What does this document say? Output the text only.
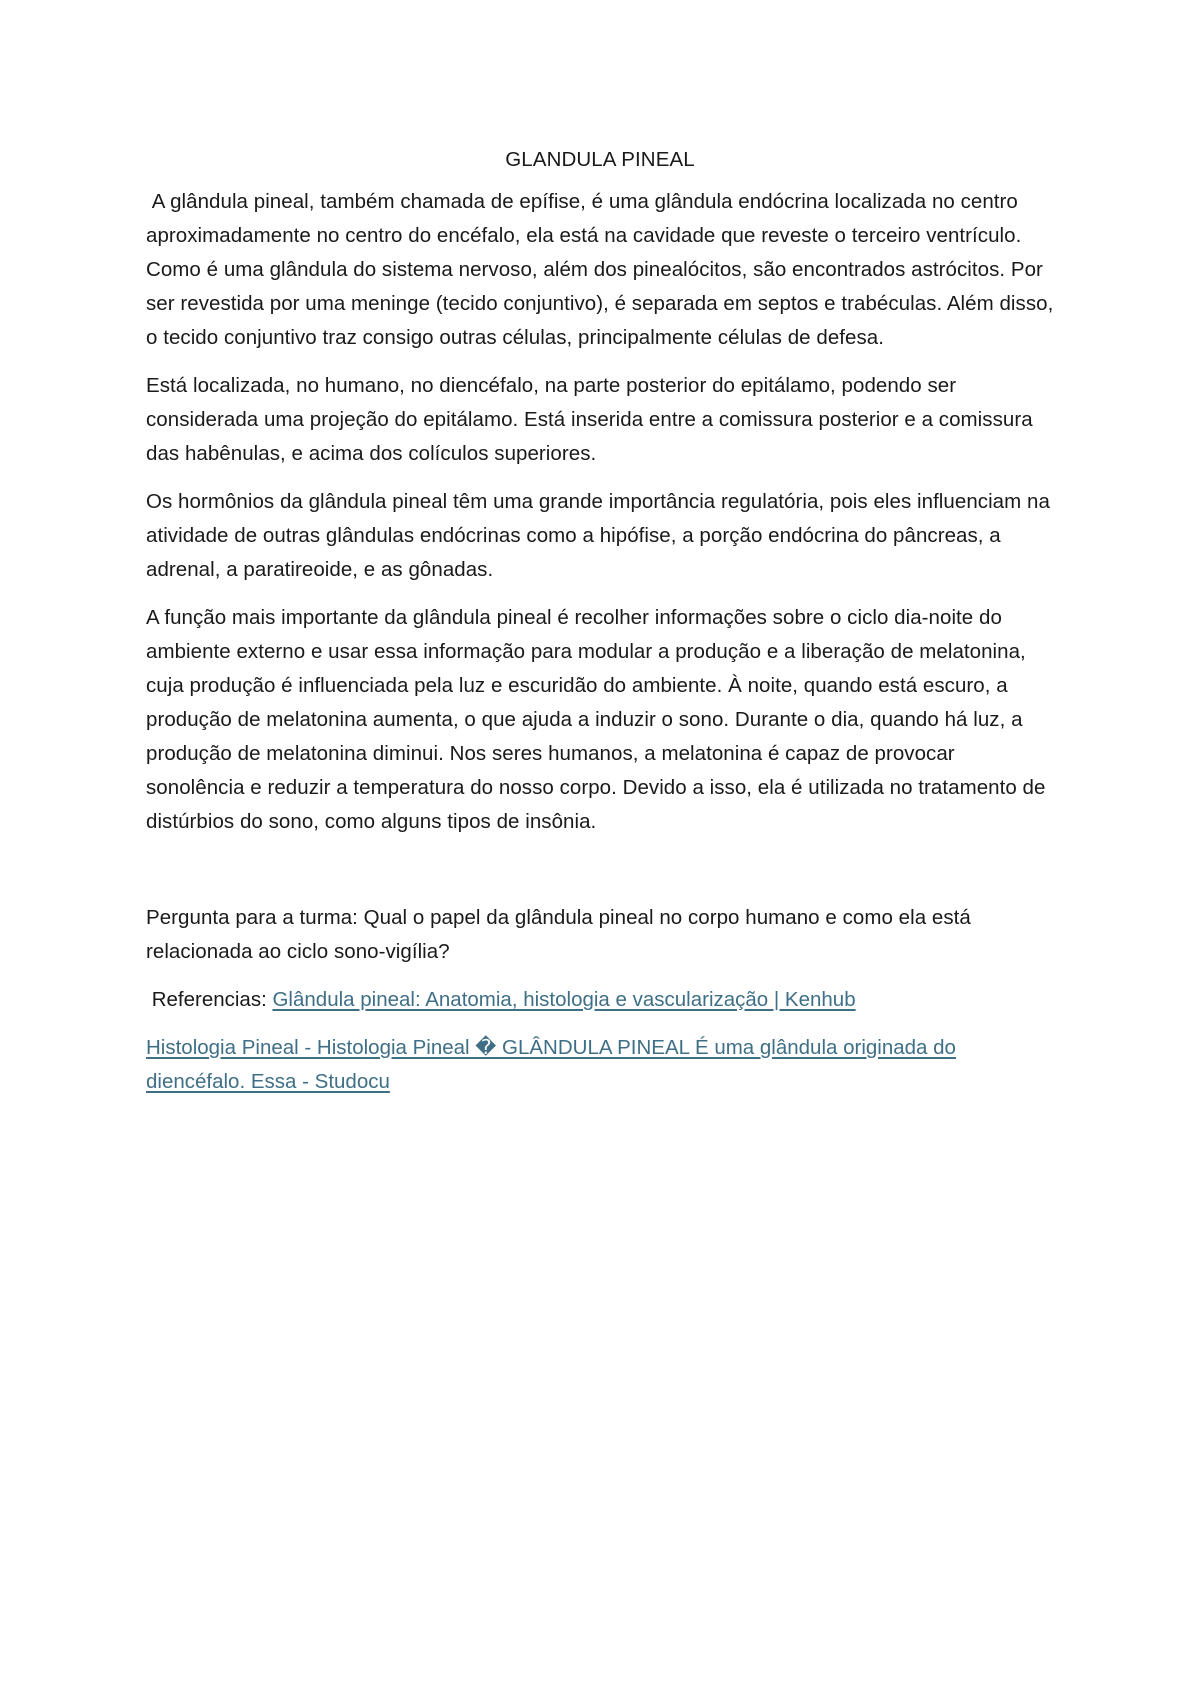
GLANDULA PINEAL

A glândula pineal, também chamada de epífise, é uma glândula endócrina localizada no centro aproximadamente no centro do encéfalo, ela está na cavidade que reveste o terceiro ventrículo. Como é uma glândula do sistema nervoso, além dos pinealócitos, são encontrados astrócitos. Por ser revestida por uma meninge (tecido conjuntivo), é separada em septos e trabéculas. Além disso, o tecido conjuntivo traz consigo outras células, principalmente células de defesa.

Está localizada, no humano, no diencéfalo, na parte posterior do epitálamo, podendo ser considerada uma projeção do epitálamo. Está inserida entre a comissura posterior e a comissura das habênulas, e acima dos colículos superiores.

Os hormônios da glândula pineal têm uma grande importância regulatória, pois eles influenciam na atividade de outras glândulas endócrinas como a hipófise, a porção endócrina do pâncreas, a adrenal, a paratireoide, e as gônadas.

A função mais importante da glândula pineal é recolher informações sobre o ciclo dia-noite do ambiente externo e usar essa informação para modular a produção e a liberação de melatonina, cuja produção é influenciada pela luz e escuridão do ambiente. À noite, quando está escuro, a produção de melatonina aumenta, o que ajuda a induzir o sono. Durante o dia, quando há luz, a produção de melatonina diminui. Nos seres humanos, a melatonina é capaz de provocar sonolência e reduzir a temperatura do nosso corpo. Devido a isso, ela é utilizada no tratamento de distúrbios do sono, como alguns tipos de insônia.

Pergunta para a turma: Qual o papel da glândula pineal no corpo humano e como ela está relacionada ao ciclo sono-vigília?

Referencias: Glândula pineal: Anatomia, histologia e vascularização | Kenhub

Histologia Pineal - Histologia Pineal � GLÂNDULA PINEAL É uma glândula originada do diencéfalo. Essa - Studocu
